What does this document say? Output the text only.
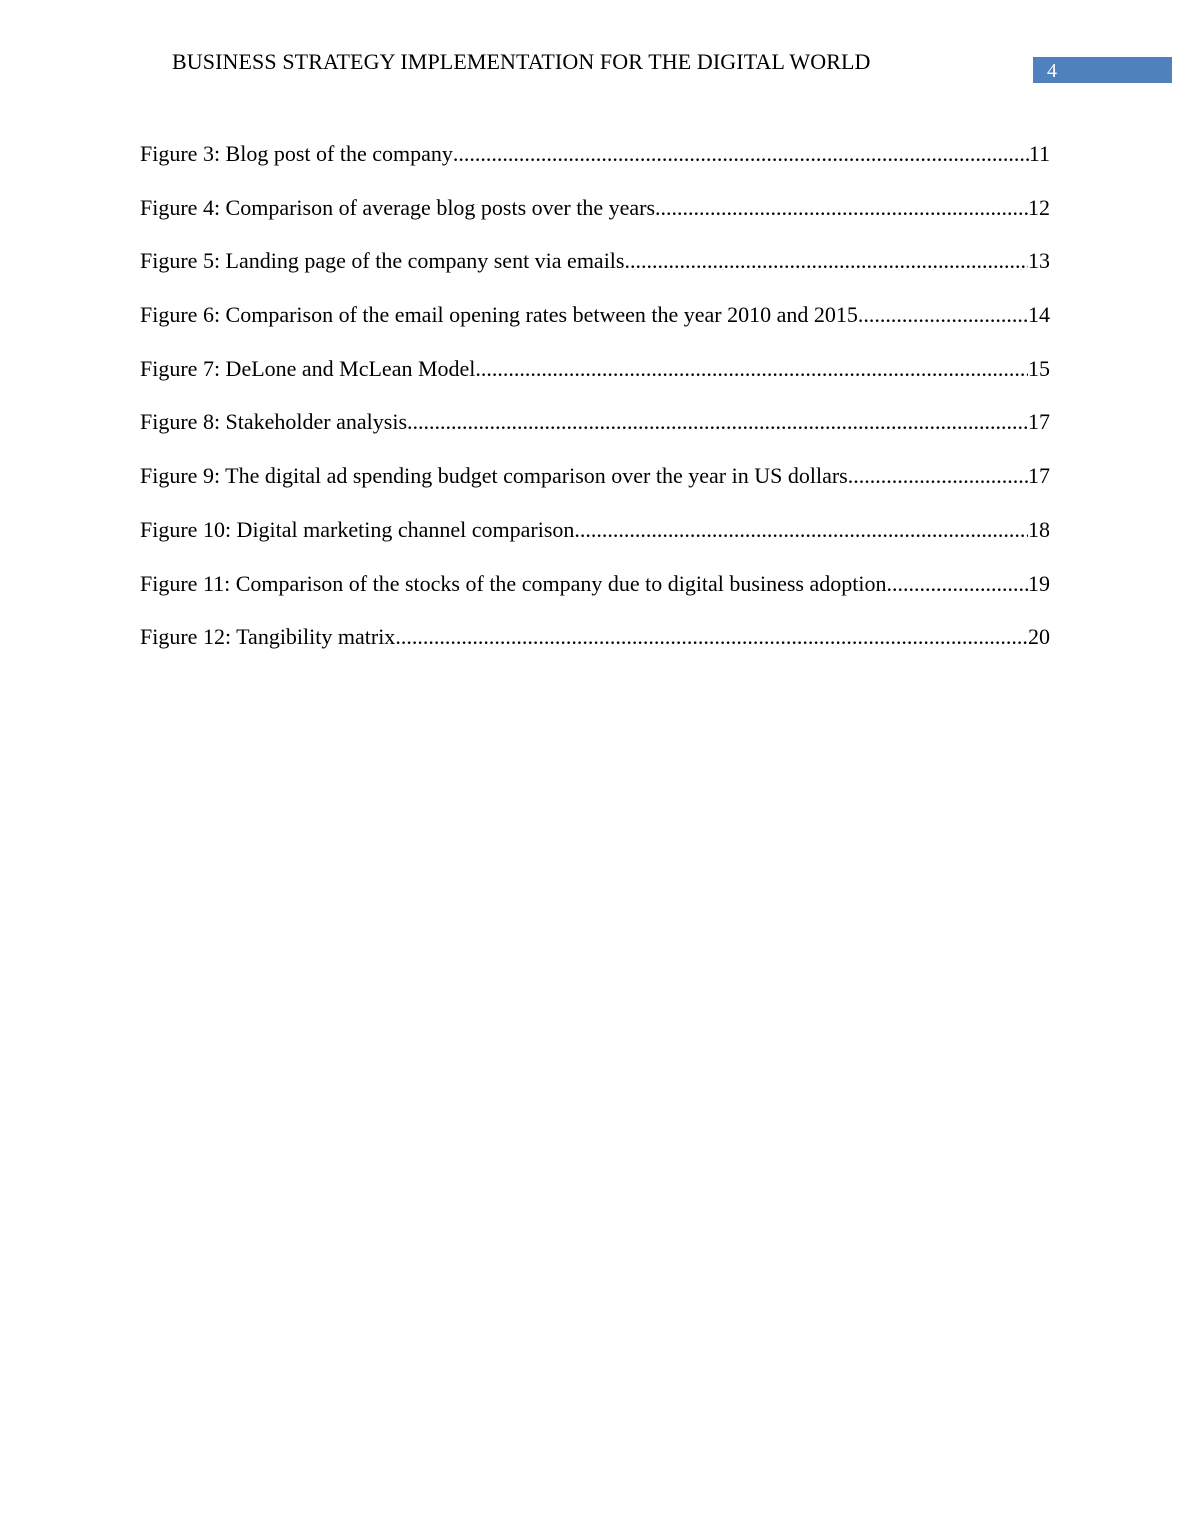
BUSINESS STRATEGY IMPLEMENTATION FOR THE DIGITAL WORLD	4
Figure 3: Blog post of the company .....	11
Figure 4: Comparison of average blog posts over the years .....	12
Figure 5: Landing page of the company sent via emails .....	13
Figure 6: Comparison of the email opening rates between the year 2010 and 2015 .....	14
Figure 7: DeLone and McLean Model .....	15
Figure 8: Stakeholder analysis .....	17
Figure 9: The digital ad spending budget comparison over the year in US dollars .....	17
Figure 10: Digital marketing channel comparison .....	18
Figure 11: Comparison of the stocks of the company due to digital business adoption .....	19
Figure 12: Tangibility matrix .....	20
